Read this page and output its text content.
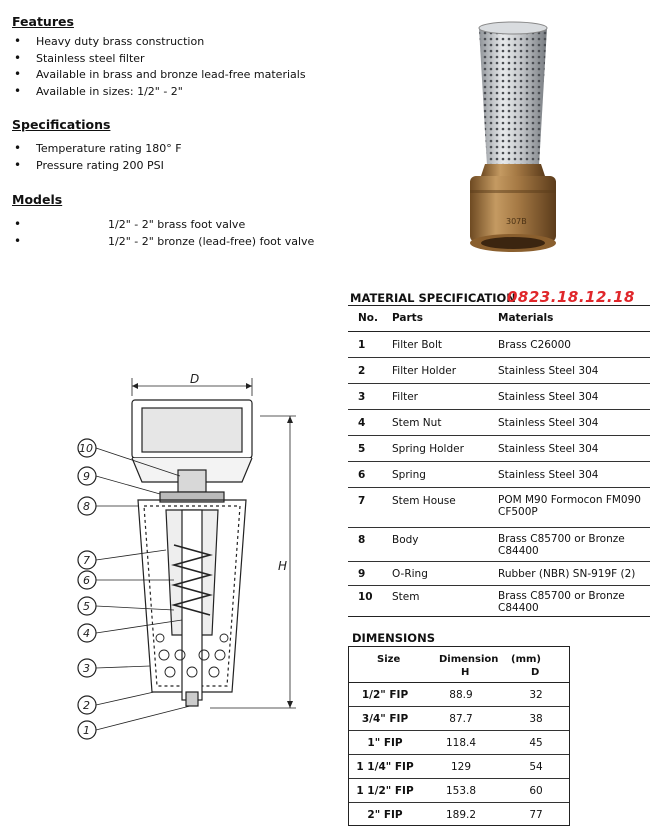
Features
• Heavy duty brass construction
• Stainless steel filter
• Available in brass and bronze lead-free materials
• Available in sizes: 1/2" - 2"
Specifications
• Temperature rating 180° F
• Pressure rating 200 PSI
Models
• 1/2" - 2" brass foot valve
• 1/2" - 2" bronze (lead-free) foot valve
307B
D
H
10
9
8
7
6
5
4
3
2
1
MATERIAL SPECIFICATION
0823.18.12.18
No. Parts	Materials
1	Filter Bolt	Brass C26000
2	Filter Holder	Stainless Steel 304
3	Filter	Stainless Steel 304
4	Stem Nut	Stainless Steel 304
5	Spring Holder	Stainless Steel 304
6	Spring	Stainless Steel 304
7	Stem House	POM M90 Formocon FM090 CF500P
8	Body	Brass C85700 or Bronze C84400
9	O-Ring	Rubber (NBR) SN-919F (2)
10 Stem	Brass C85700 or Bronze C84400
DIMENSIONS
Size	Dimension (mm)
H	D
1/2" FIP	88.9	32
3/4" FIP	87.7	38
1" FIP	118.4	45
1 1/4" FIP	129	54
1 1/2" FIP	153.8	60
2" FIP	189.2	77
